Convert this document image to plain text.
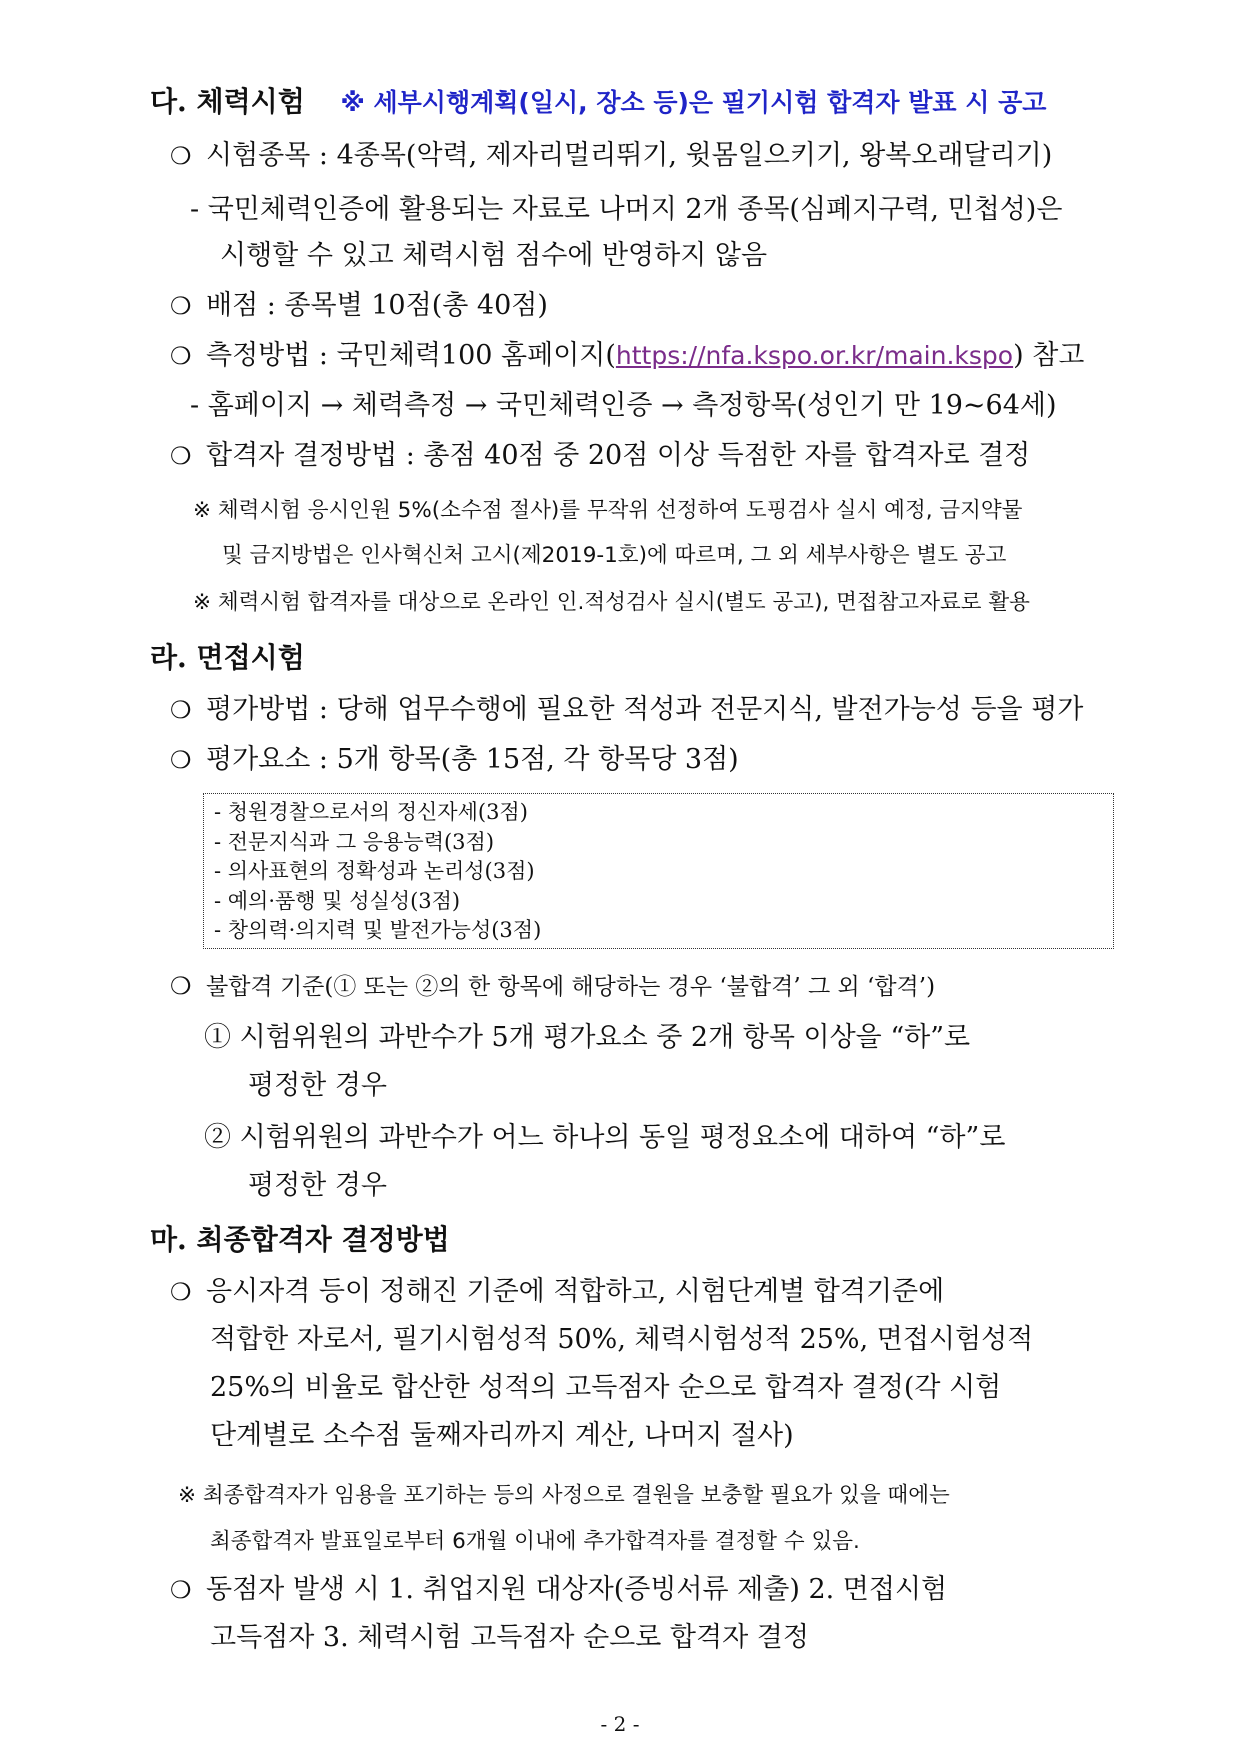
다. 체력시험 ※ 세부시행계획(일시, 장소 등)은 필기시험 합격자 발표 시 공고
❍ 시험종목 : 4종목(악력, 제자리멀리뛰기, 윗몸일으키기, 왕복오래달리기)
- 국민체력인증에 활용되는 자료로 나머지 2개 종목(심폐지구력, 민첩성)은
시행할 수 있고 체력시험 점수에 반영하지 않음
❍ 배점 : 종목별 10점(총 40점)
❍ 측정방법 : 국민체력100 홈페이지(https://nfa.kspo.or.kr/main.kspo) 참고
- 홈페이지 → 체력측정 → 국민체력인증 → 측정항목(성인기 만 19~64세)
❍ 합격자 결정방법 : 총점 40점 중 20점 이상 득점한 자를 합격자로 결정
※ 체력시험 응시인원 5%(소수점 절사)를 무작위 선정하여 도핑검사 실시 예정, 금지약물
및 금지방법은 인사혁신처 고시(제2019-1호)에 따르며, 그 외 세부사항은 별도 공고
※ 체력시험 합격자를 대상으로 온라인 인.적성검사 실시(별도 공고), 면접참고자료로 활용
라. 면접시험
❍ 평가방법 : 당해 업무수행에 필요한 적성과 전문지식, 발전가능성 등을 평가
❍ 평가요소 : 5개 항목(총 15점, 각 항목당 3점)
- 청원경찰으로서의 정신자세(3점)
- 전문지식과 그 응용능력(3점)
- 의사표현의 정확성과 논리성(3점)
- 예의·품행 및 성실성(3점)
- 창의력·의지력 및 발전가능성(3점)
❍ 불합격 기준(① 또는 ②의 한 항목에 해당하는 경우 ‘불합격’ 그 외 ‘합격’)
① 시험위원의 과반수가 5개 평가요소 중 2개 항목 이상을 “하”로
평정한 경우
② 시험위원의 과반수가 어느 하나의 동일 평정요소에 대하여 “하”로
평정한 경우
마. 최종합격자 결정방법
❍ 응시자격 등이 정해진 기준에 적합하고, 시험단계별 합격기준에
적합한 자로서, 필기시험성적 50%, 체력시험성적 25%, 면접시험성적
25%의 비율로 합산한 성적의 고득점자 순으로 합격자 결정(각 시험
단계별로 소수점 둘째자리까지 계산, 나머지 절사)
※ 최종합격자가 임용을 포기하는 등의 사정으로 결원을 보충할 필요가 있을 때에는
최종합격자 발표일로부터 6개월 이내에 추가합격자를 결정할 수 있음.
❍ 동점자 발생 시 1. 취업지원 대상자(증빙서류 제출) 2. 면접시험
고득점자 3. 체력시험 고득점자 순으로 합격자 결정
- 2 -
